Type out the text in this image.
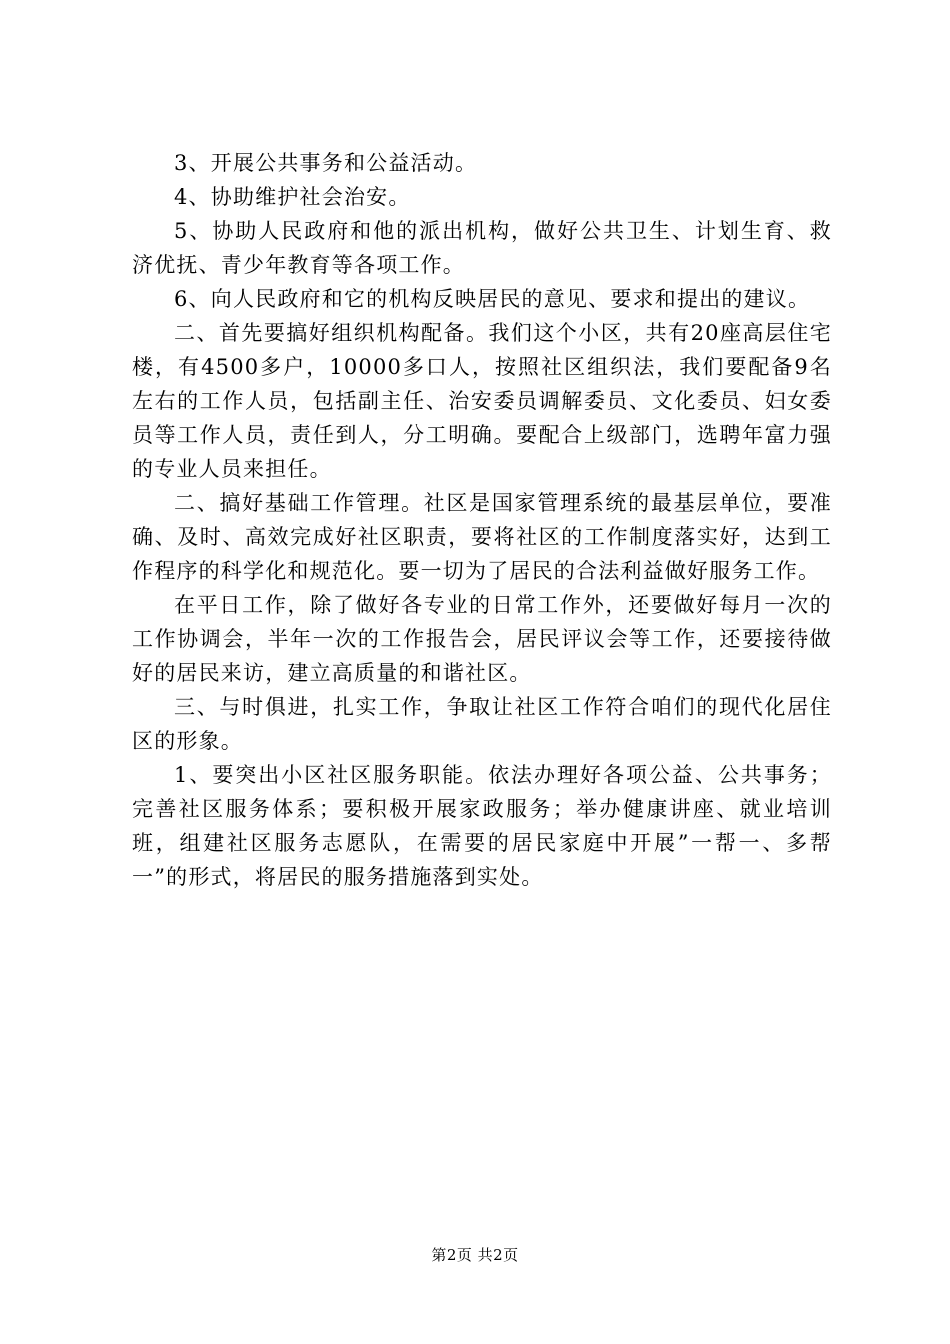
3、开展公共事务和公益活动。

4、协助维护社会治安。

5、协助人民政府和他的派出机构，做好公共卫生、计划生育、救济优抚、青少年教育等各项工作。

6、向人民政府和它的机构反映居民的意见、要求和提出的建议。

二、首先要搞好组织机构配备。我们这个小区，共有20座高层住宅楼，有4500多户，10000多口人，按照社区组织法，我们要配备9名左右的工作人员，包括副主任、治安委员调解委员、文化委员、妇女委员等工作人员，责任到人，分工明确。要配合上级部门，选聘年富力强的专业人员来担任。

二、搞好基础工作管理。社区是国家管理系统的最基层单位，要准确、及时、高效完成好社区职责，要将社区的工作制度落实好，达到工作程序的科学化和规范化。要一切为了居民的合法利益做好服务工作。

在平日工作，除了做好各专业的日常工作外，还要做好每月一次的工作协调会，半年一次的工作报告会，居民评议会等工作，还要接待做好的居民来访，建立高质量的和谐社区。

三、与时俱进，扎实工作，争取让社区工作符合咱们的现代化居住区的形象。

1、要突出小区社区服务职能。依法办理好各项公益、公共事务；完善社区服务体系；要积极开展家政服务；举办健康讲座、就业培训班，组建社区服务志愿队，在需要的居民家庭中开展”一帮一、多帮一”的形式，将居民的服务措施落到实处。

第2页 共2页
